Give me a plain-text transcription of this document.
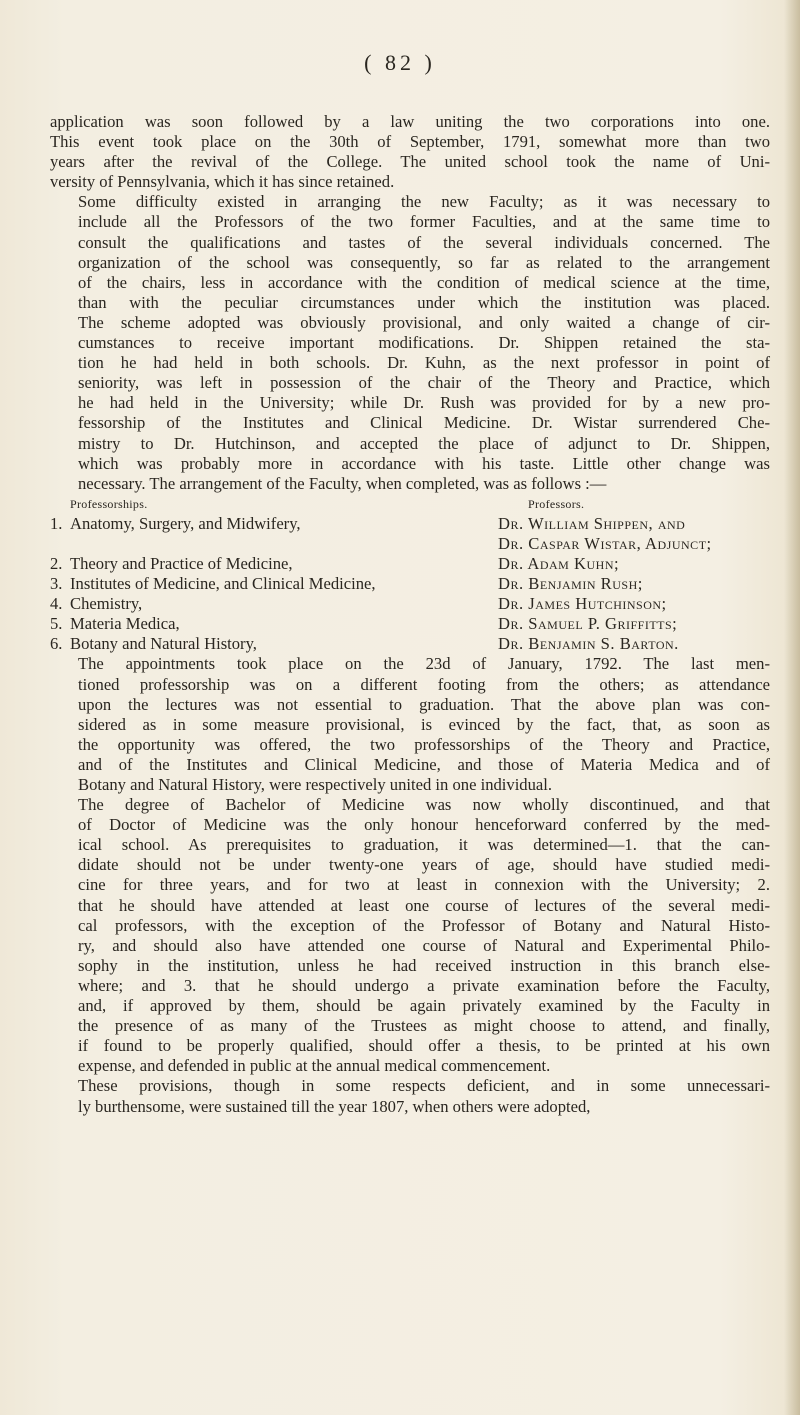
( 82 )

application was soon followed by a law uniting the two corporations into one.
This event took place on the 30th of September, 1791, somewhat more than two
years after the revival of the College. The united school took the name of Uni-
versity of Pennsylvania, which it has since retained.

Some difficulty existed in arranging the new Faculty; as it was necessary to
include all the Professors of the two former Faculties, and at the same time to
consult the qualifications and tastes of the several individuals concerned. The
organization of the school was consequently, so far as related to the arrangement
of the chairs, less in accordance with the condition of medical science at the time,
than with the peculiar circumstances under which the institution was placed.
The scheme adopted was obviously provisional, and only waited a change of cir-
cumstances to receive important modifications. Dr. Shippen retained the sta-
tion he had held in both schools. Dr. Kuhn, as the next professor in point of
seniority, was left in possession of the chair of the Theory and Practice, which
he had held in the University; while Dr. Rush was provided for by a new pro-
fessorship of the Institutes and Clinical Medicine. Dr. Wistar surrendered Che-
mistry to Dr. Hutchinson, and accepted the place of adjunct to Dr. Shippen,
which was probably more in accordance with his taste. Little other change was
necessary. The arrangement of the Faculty, when completed, was as follows :—

Professorships.	Professors.
1. Anatomy, Surgery, and Midwifery,	Dr. William Shippen, and
Dr. Caspar Wistar, Adjunct;
2. Theory and Practice of Medicine,	Dr. Adam Kuhn;
3. Institutes of Medicine, and Clinical Medicine,	Dr. Benjamin Rush;
4. Chemistry,	Dr. James Hutchinson;
5. Materia Medica,	Dr. Samuel P. Griffitts;
6. Botany and Natural History,	Dr. Benjamin S. Barton.

The appointments took place on the 23d of January, 1792. The last men-
tioned professorship was on a different footing from the others; as attendance
upon the lectures was not essential to graduation. That the above plan was con-
sidered as in some measure provisional, is evinced by the fact, that, as soon as
the opportunity was offered, the two professorships of the Theory and Practice,
and of the Institutes and Clinical Medicine, and those of Materia Medica and of
Botany and Natural History, were respectively united in one individual.

The degree of Bachelor of Medicine was now wholly discontinued, and that
of Doctor of Medicine was the only honour henceforward conferred by the med-
ical school. As prerequisites to graduation, it was determined—1. that the can-
didate should not be under twenty-one years of age, should have studied medi-
cine for three years, and for two at least in connexion with the University; 2.
that he should have attended at least one course of lectures of the several medi-
cal professors, with the exception of the Professor of Botany and Natural Histo-
ry, and should also have attended one course of Natural and Experimental Philo-
sophy in the institution, unless he had received instruction in this branch else-
where; and 3. that he should undergo a private examination before the Faculty,
and, if approved by them, should be again privately examined by the Faculty in
the presence of as many of the Trustees as might choose to attend, and finally,
if found to be properly qualified, should offer a thesis, to be printed at his own
expense, and defended in public at the annual medical commencement.

These provisions, though in some respects deficient, and in some unnecessari-
ly burthensome, were sustained till the year 1807, when others were adopted,
